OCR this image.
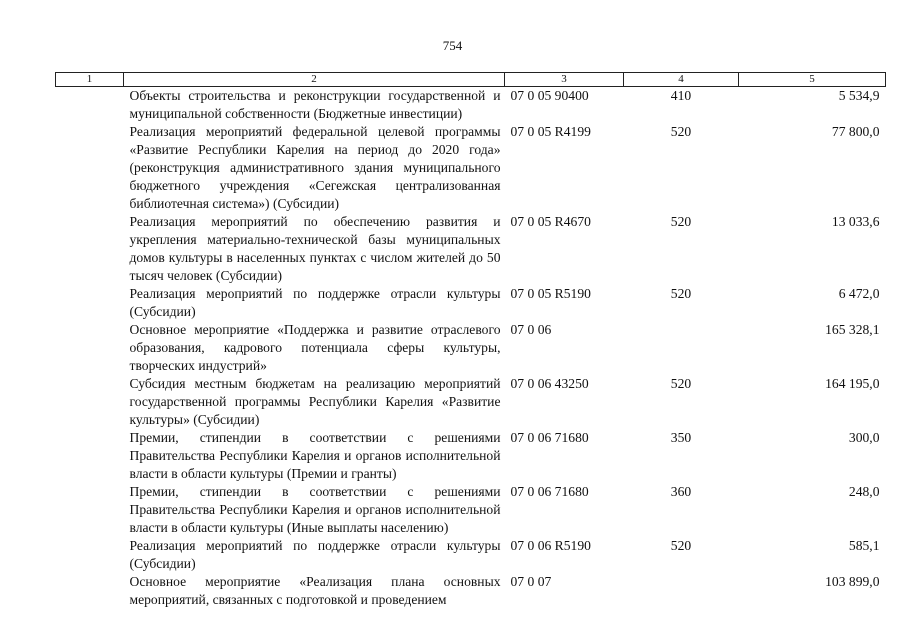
754
1	2	3	4	5
	Объекты строительства и реконструкции государственной и муниципальной собственности (Бюджетные инвестиции)	07 0 05 90400	410	5 534,9
	Реализация мероприятий федеральной целевой программы «Развитие Республики Карелия на период до 2020 года» (реконструкция административного здания муниципального бюджетного учреждения «Сегежская централизованная библиотечная система») (Субсидии)	07 0 05 R4199	520	77 800,0
	Реализация мероприятий по обеспечению развития и укрепления материально-технической базы муниципальных домов культуры в населенных пунктах с числом жителей до 50 тысяч человек (Субсидии)	07 0 05 R4670	520	13 033,6
	Реализация мероприятий по поддержке отрасли культуры (Субсидии)	07 0 05 R5190	520	6 472,0
	Основное мероприятие «Поддержка и развитие отраслевого образования, кадрового потенциала сферы культуры, творческих индустрий»	07 0 06		165 328,1
	Субсидия местным бюджетам на реализацию мероприятий государственной программы Республики Карелия «Развитие культуры» (Субсидии)	07 0 06 43250	520	164 195,0
	Премии, стипендии в соответствии с решениями Правительства Республики Карелия и органов исполнительной власти в области культуры (Премии и гранты)	07 0 06 71680	350	300,0
	Премии, стипендии в соответствии с решениями Правительства Республики Карелия и органов исполнительной власти в области культуры (Иные выплаты населению)	07 0 06 71680	360	248,0
	Реализация мероприятий по поддержке отрасли культуры (Субсидии)	07 0 06 R5190	520	585,1
	Основное мероприятие «Реализация плана основных мероприятий, связанных с подготовкой и проведением	07 0 07		103 899,0
